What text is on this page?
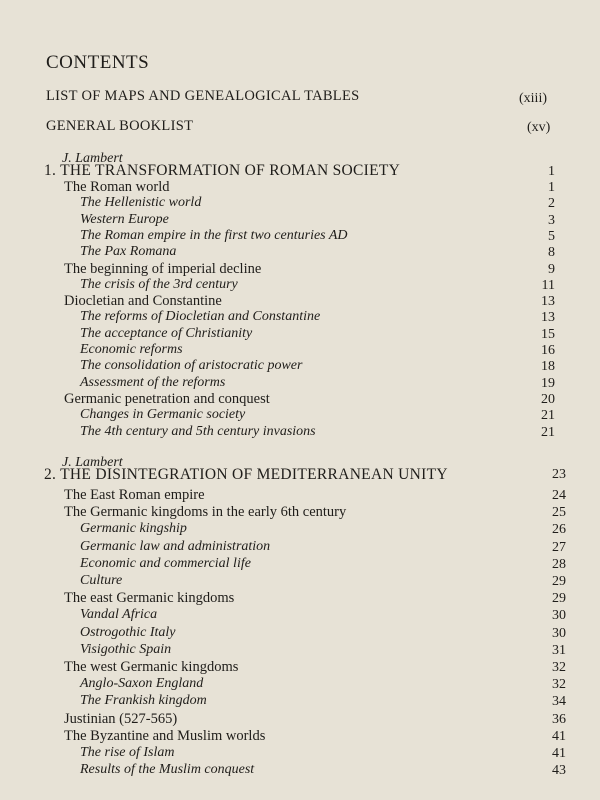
CONTENTS
LIST OF MAPS AND GENEALOGICAL TABLES	(xiii)
GENERAL BOOKLIST	(xv)
J. Lambert
1. THE TRANSFORMATION OF ROMAN SOCIETY	1
The Roman world	1
The Hellenistic world	2
Western Europe	3
The Roman empire in the first two centuries AD	5
The Pax Romana	8
The beginning of imperial decline	9
The crisis of the 3rd century	11
Diocletian and Constantine	13
The reforms of Diocletian and Constantine	13
The acceptance of Christianity	15
Economic reforms	16
The consolidation of aristocratic power	18
Assessment of the reforms	19
Germanic penetration and conquest	20
Changes in Germanic society	21
The 4th century and 5th century invasions	21
J. Lambert
2. THE DISINTEGRATION OF MEDITERRANEAN UNITY	23
The East Roman empire	24
The Germanic kingdoms in the early 6th century	25
Germanic kingship	26
Germanic law and administration	27
Economic and commercial life	28
Culture	29
The east Germanic kingdoms	29
Vandal Africa	30
Ostrogothic Italy	30
Visigothic Spain	31
The west Germanic kingdoms	32
Anglo-Saxon England	32
The Frankish kingdom	34
Justinian (527-565)	36
The Byzantine and Muslim worlds	41
The rise of Islam	41
Results of the Muslim conquest	43
